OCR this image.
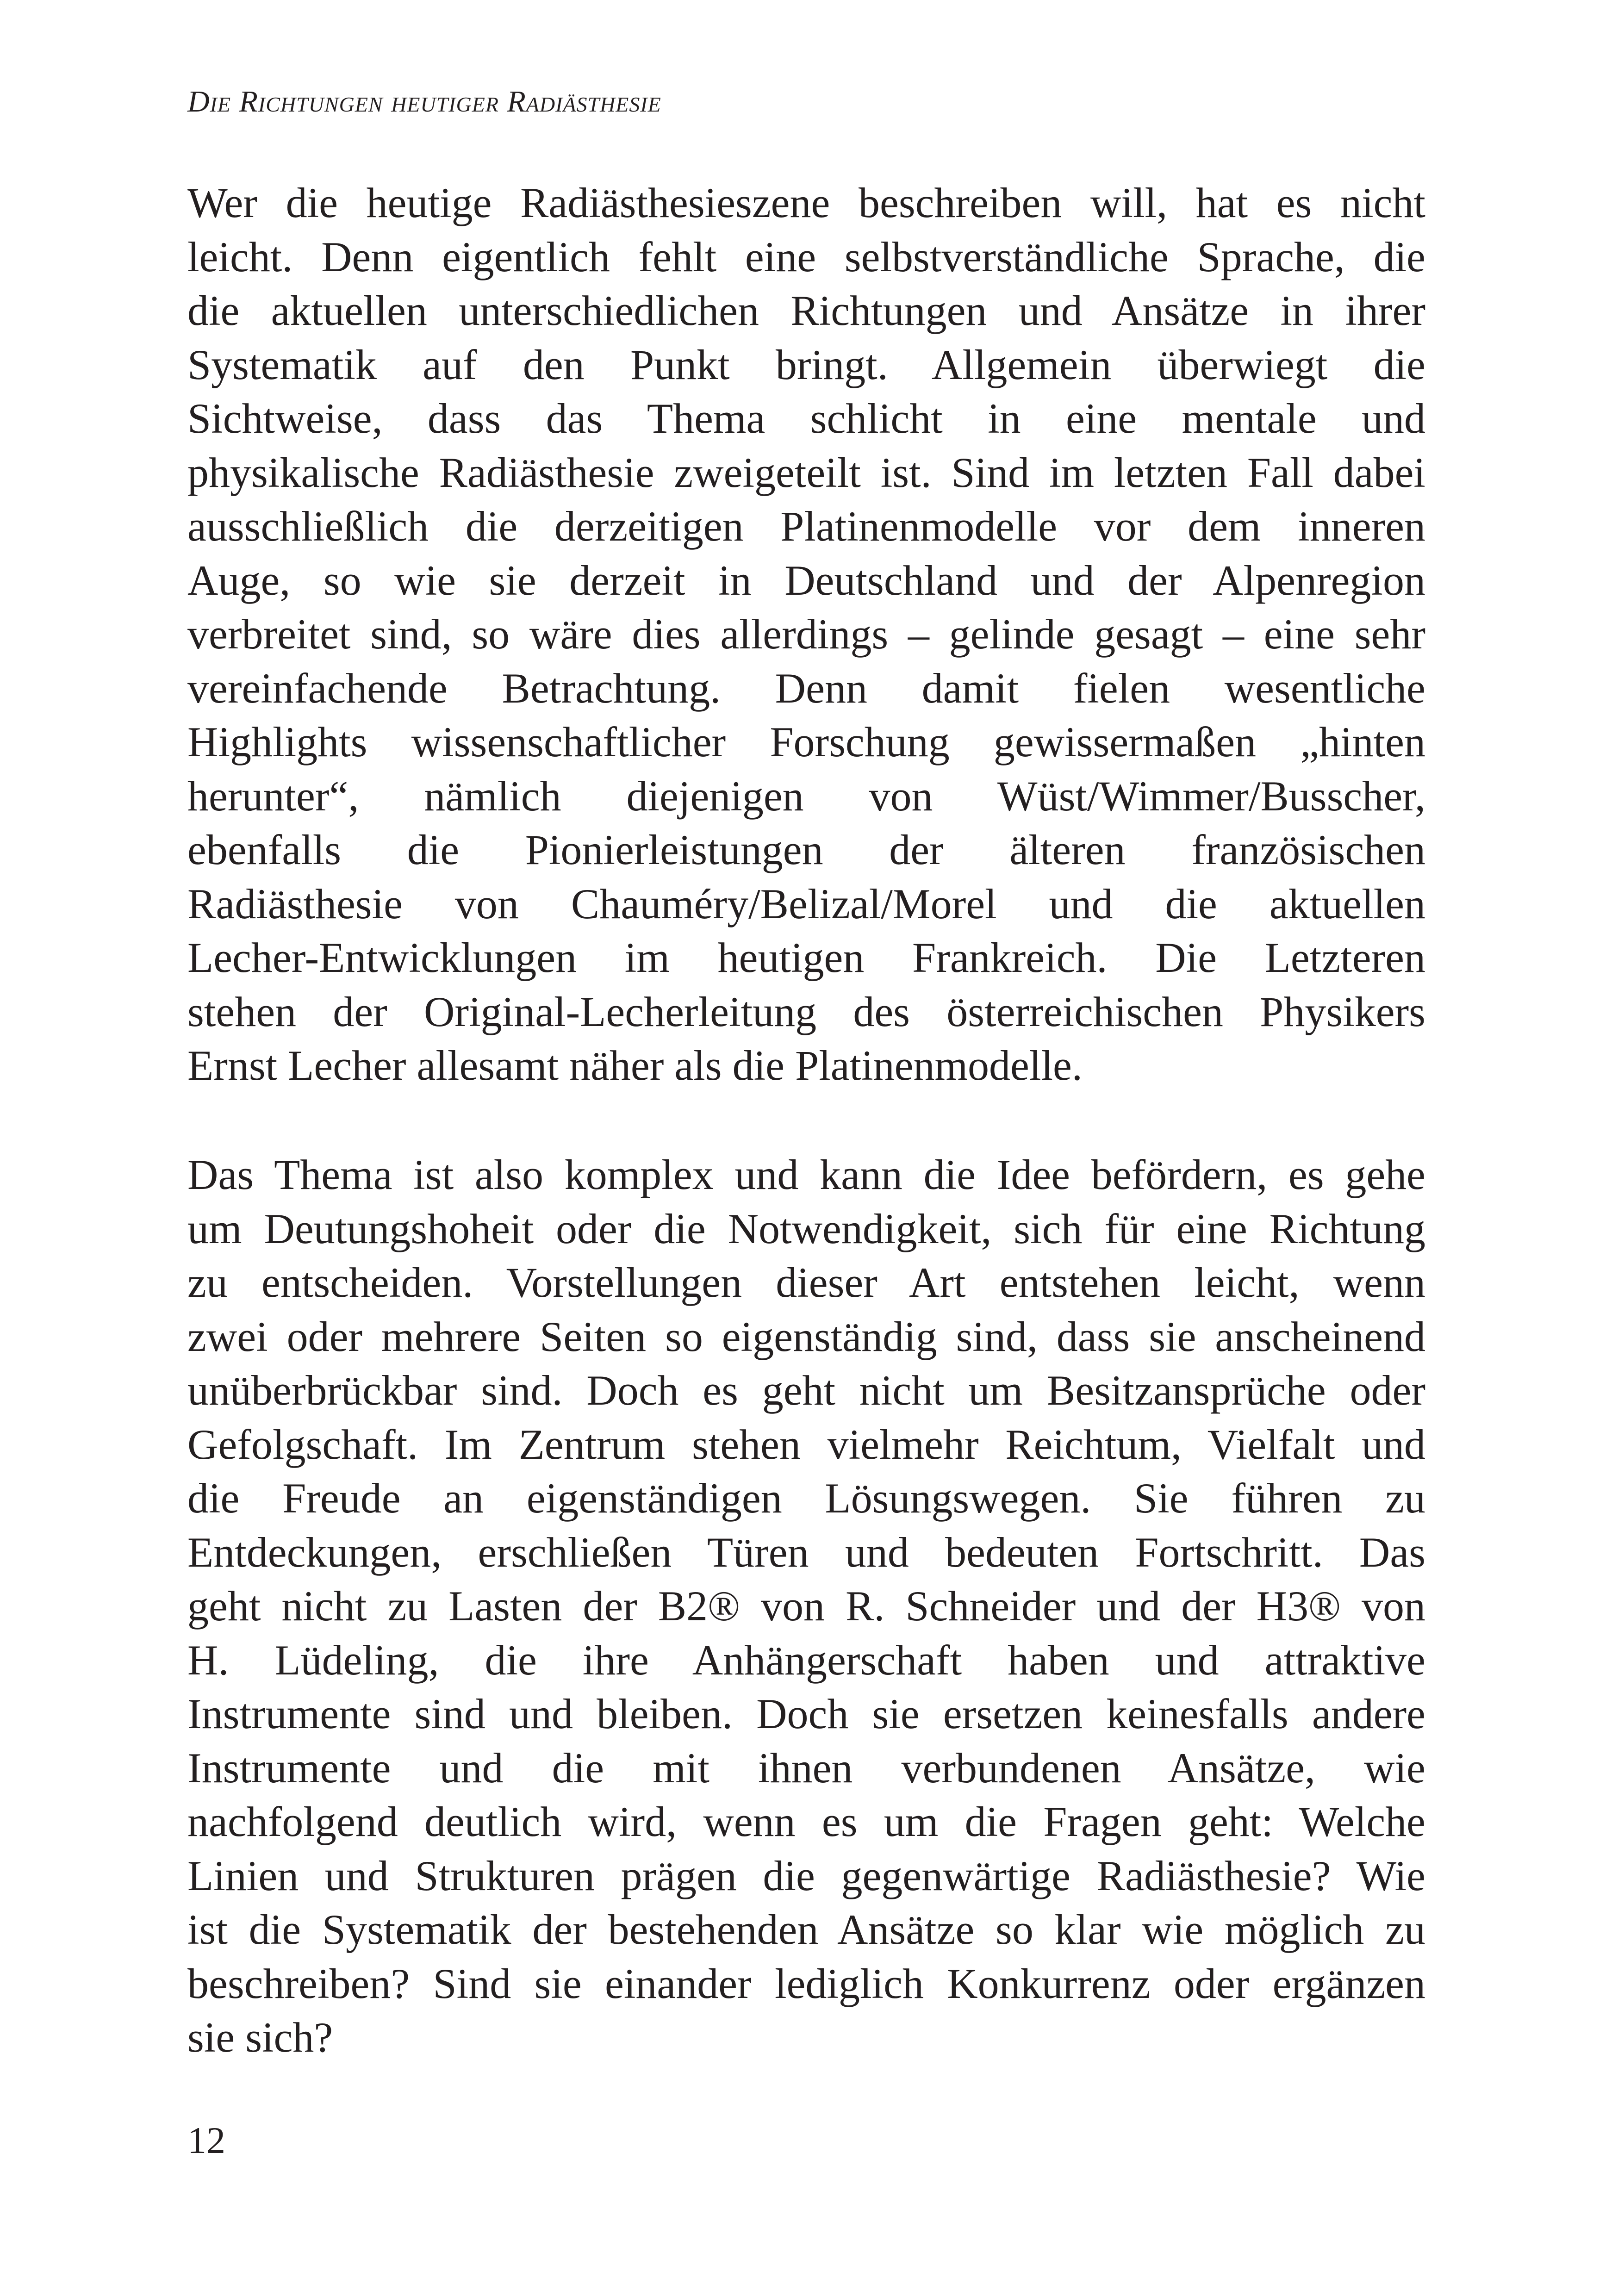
Die Richtungen heutiger Radiästhesie
Wer die heutige Radiästhesieszene beschreiben will, hat es nicht
leicht. Denn eigentlich fehlt eine selbstverständliche Sprache, die
die aktuellen unterschiedlichen Richtungen und Ansätze in ihrer
Systematik auf den Punkt bringt. Allgemein überwiegt die
Sichtweise, dass das Thema schlicht in eine mentale und
physikalische Radiästhesie zweigeteilt ist. Sind im letzten Fall dabei
ausschließlich die derzeitigen Platinenmodelle vor dem inneren
Auge, so wie sie derzeit in Deutschland und der Alpenregion
verbreitet sind, so wäre dies allerdings – gelinde gesagt – eine sehr
vereinfachende Betrachtung. Denn damit fielen wesentliche
Highlights wissenschaftlicher Forschung gewissermaßen „hinten
herunter“, nämlich diejenigen von Wüst/Wimmer/Busscher,
ebenfalls die Pionierleistungen der älteren französischen
Radiästhesie von Chauméry/Belizal/Morel und die aktuellen
Lecher-Entwicklungen im heutigen Frankreich. Die Letzteren
stehen der Original-Lecherleitung des österreichischen Physikers
Ernst Lecher allesamt näher als die Platinenmodelle.
Das Thema ist also komplex und kann die Idee befördern, es gehe
um Deutungshoheit oder die Notwendigkeit, sich für eine Richtung
zu entscheiden. Vorstellungen dieser Art entstehen leicht, wenn
zwei oder mehrere Seiten so eigenständig sind, dass sie anscheinend
unüberbrückbar sind. Doch es geht nicht um Besitzansprüche oder
Gefolgschaft. Im Zentrum stehen vielmehr Reichtum, Vielfalt und
die Freude an eigenständigen Lösungswegen. Sie führen zu
Entdeckungen, erschließen Türen und bedeuten Fortschritt. Das
geht nicht zu Lasten der B2® von R. Schneider und der H3® von
H. Lüdeling, die ihre Anhängerschaft haben und attraktive
Instrumente sind und bleiben. Doch sie ersetzen keinesfalls andere
Instrumente und die mit ihnen verbundenen Ansätze, wie
nachfolgend deutlich wird, wenn es um die Fragen geht: Welche
Linien und Strukturen prägen die gegenwärtige Radiästhesie? Wie
ist die Systematik der bestehenden Ansätze so klar wie möglich zu
beschreiben? Sind sie einander lediglich Konkurrenz oder ergänzen
sie sich?
12
